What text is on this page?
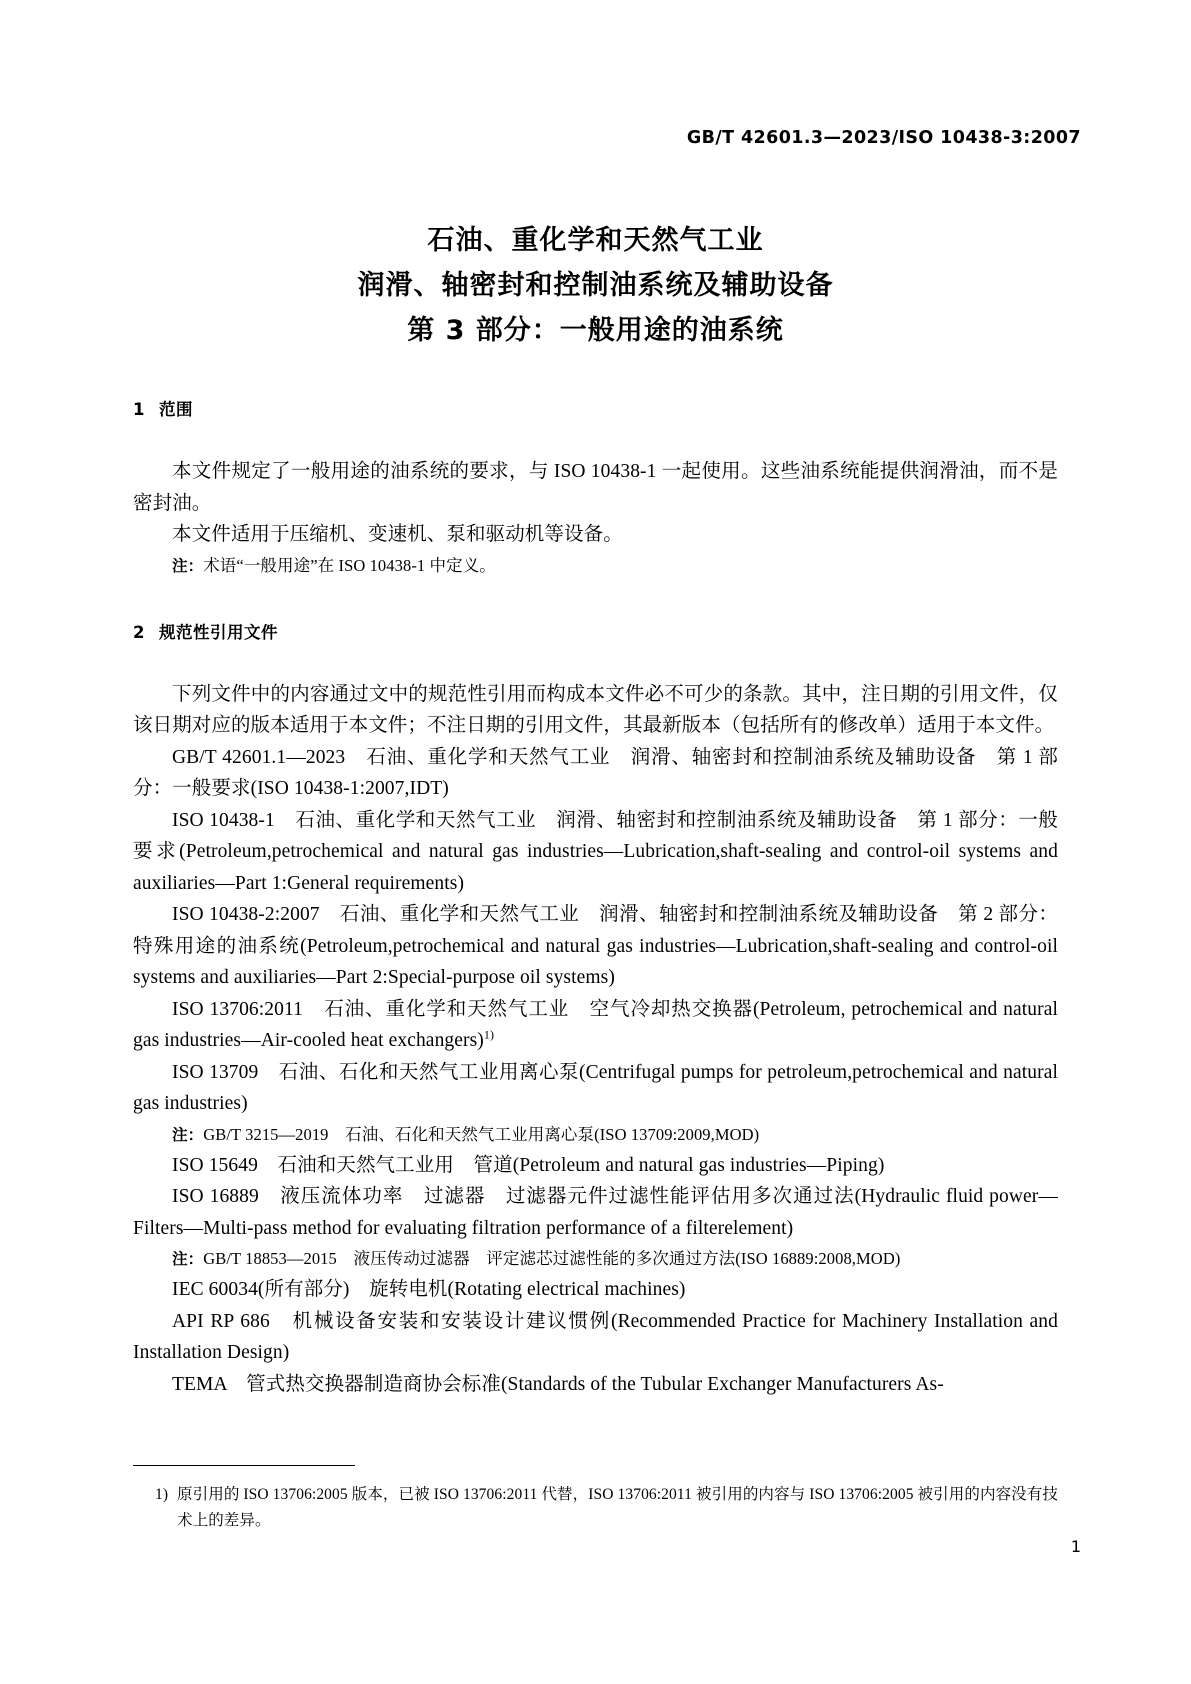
GB/T 42601.3—2023/ISO 10438-3:2007
石油、重化学和天然气工业
润滑、轴密封和控制油系统及辅助设备
第 3 部分：一般用途的油系统
1 范围

本文件规定了一般用途的油系统的要求，与 ISO 10438-1 一起使用。这些油系统能提供润滑油，而不是密封油。

本文件适用于压缩机、变速机、泵和驱动机等设备。

注：术语“一般用途”在 ISO 10438-1 中定义。

2 规范性引用文件

下列文件中的内容通过文中的规范性引用而构成本文件必不可少的条款。其中，注日期的引用文件，仅该日期对应的版本适用于本文件；不注日期的引用文件，其最新版本（包括所有的修改单）适用于本文件。

GB/T 42601.1—2023　石油、重化学和天然气工业　润滑、轴密封和控制油系统及辅助设备　第 1 部分：一般要求(ISO 10438-1:2007,IDT)

ISO 10438-1　石油、重化学和天然气工业　润滑、轴密封和控制油系统及辅助设备　第 1 部分：一般要求(Petroleum,petrochemical and natural gas industries—Lubrication,shaft-sealing and control-oil systems and auxiliaries—Part 1:General requirements)

ISO 10438-2:2007　石油、重化学和天然气工业　润滑、轴密封和控制油系统及辅助设备　第 2 部分：特殊用途的油系统(Petroleum,petrochemical and natural gas industries—Lubrication,shaft-sealing and control-oil systems and auxiliaries—Part 2:Special-purpose oil systems)

ISO 13706:2011　石油、重化学和天然气工业　空气冷却热交换器(Petroleum, petrochemical and natural gas industries—Air-cooled heat exchangers)$^{1)}$

ISO 13709　石油、石化和天然气工业用离心泵(Centrifugal pumps for petroleum,petrochemical and natural gas industries)

注：GB/T 3215—2019　石油、石化和天然气工业用离心泵(ISO 13709:2009,MOD)

ISO 15649　石油和天然气工业用　管道(Petroleum and natural gas industries—Piping)

ISO 16889　液压流体功率　过滤器　过滤器元件过滤性能评估用多次通过法(Hydraulic fluid power— Filters—Multi-pass method for evaluating filtration performance of a filterelement)

注：GB/T 18853—2015　液压传动过滤器　评定滤芯过滤性能的多次通过方法(ISO 16889:2008,MOD)

IEC 60034(所有部分)　旋转电机(Rotating electrical machines)

API RP 686　机械设备安装和安装设计建议惯例(Recommended Practice for Machinery Installation and Installation Design)

TEMA　管式热交换器制造商协会标准(Standards of the Tubular Exchanger Manufacturers As-

1) 原引用的 ISO 13706:2005 版本，已被 ISO 13706:2011 代替，ISO 13706:2011 被引用的内容与 ISO 13706:2005 被引用的内容没有技术上的差异。
1
